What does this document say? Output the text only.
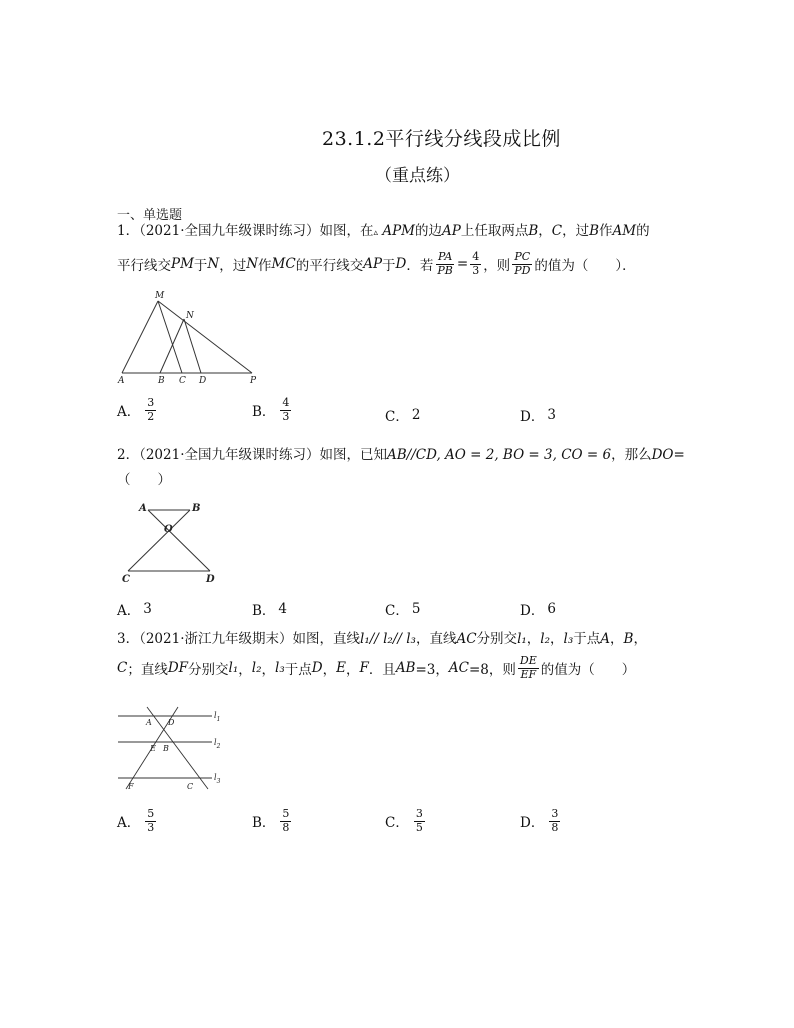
23.1.2平行线分线段成比例
（重点练）
一、单选题
1．（2021·全国九年级课时练习）如图，在▵ APM的边AP上任取两点B，C，过B作AM的
平行线交 PM 于 N ，过 N 作 MC 的平行线交 AP 于 D ．若 $\frac{PA}{PB} = \frac{4}{3}$ ，则 $\frac{PC}{PD}$ 的值为（　　）．
M
N
A	B C D	P
A． $\frac{3}{2}$	B． $\frac{4}{3}$	C． 2	D． 3
2．（2021·全国九年级课时练习）如图，已知AB//CD, AO = 2, BO = 3, CO = 6，那么DO=
（　　）
A	B
O
C	D
A． 3	B． 4	C． 5	D． 6
3．（2021·浙江九年级期末）如图，直线l₁// l₂// l₃，直线AC分别交l₁，l₂，l₃于点A，B，
C ；直线 DF 分别交 l₁ ， l₂ ， l₃ 于点 D ， E ， F ．且 AB =3， AC =8，则 $\frac{DE}{EF}$ 的值为（　　）
A D
E B
F	C
$l_1$
$l_2$
$l_3$
A． $\frac{5}{3}$	B． $\frac{5}{8}$	C． $\frac{3}{5}$	D． $\frac{3}{8}$
